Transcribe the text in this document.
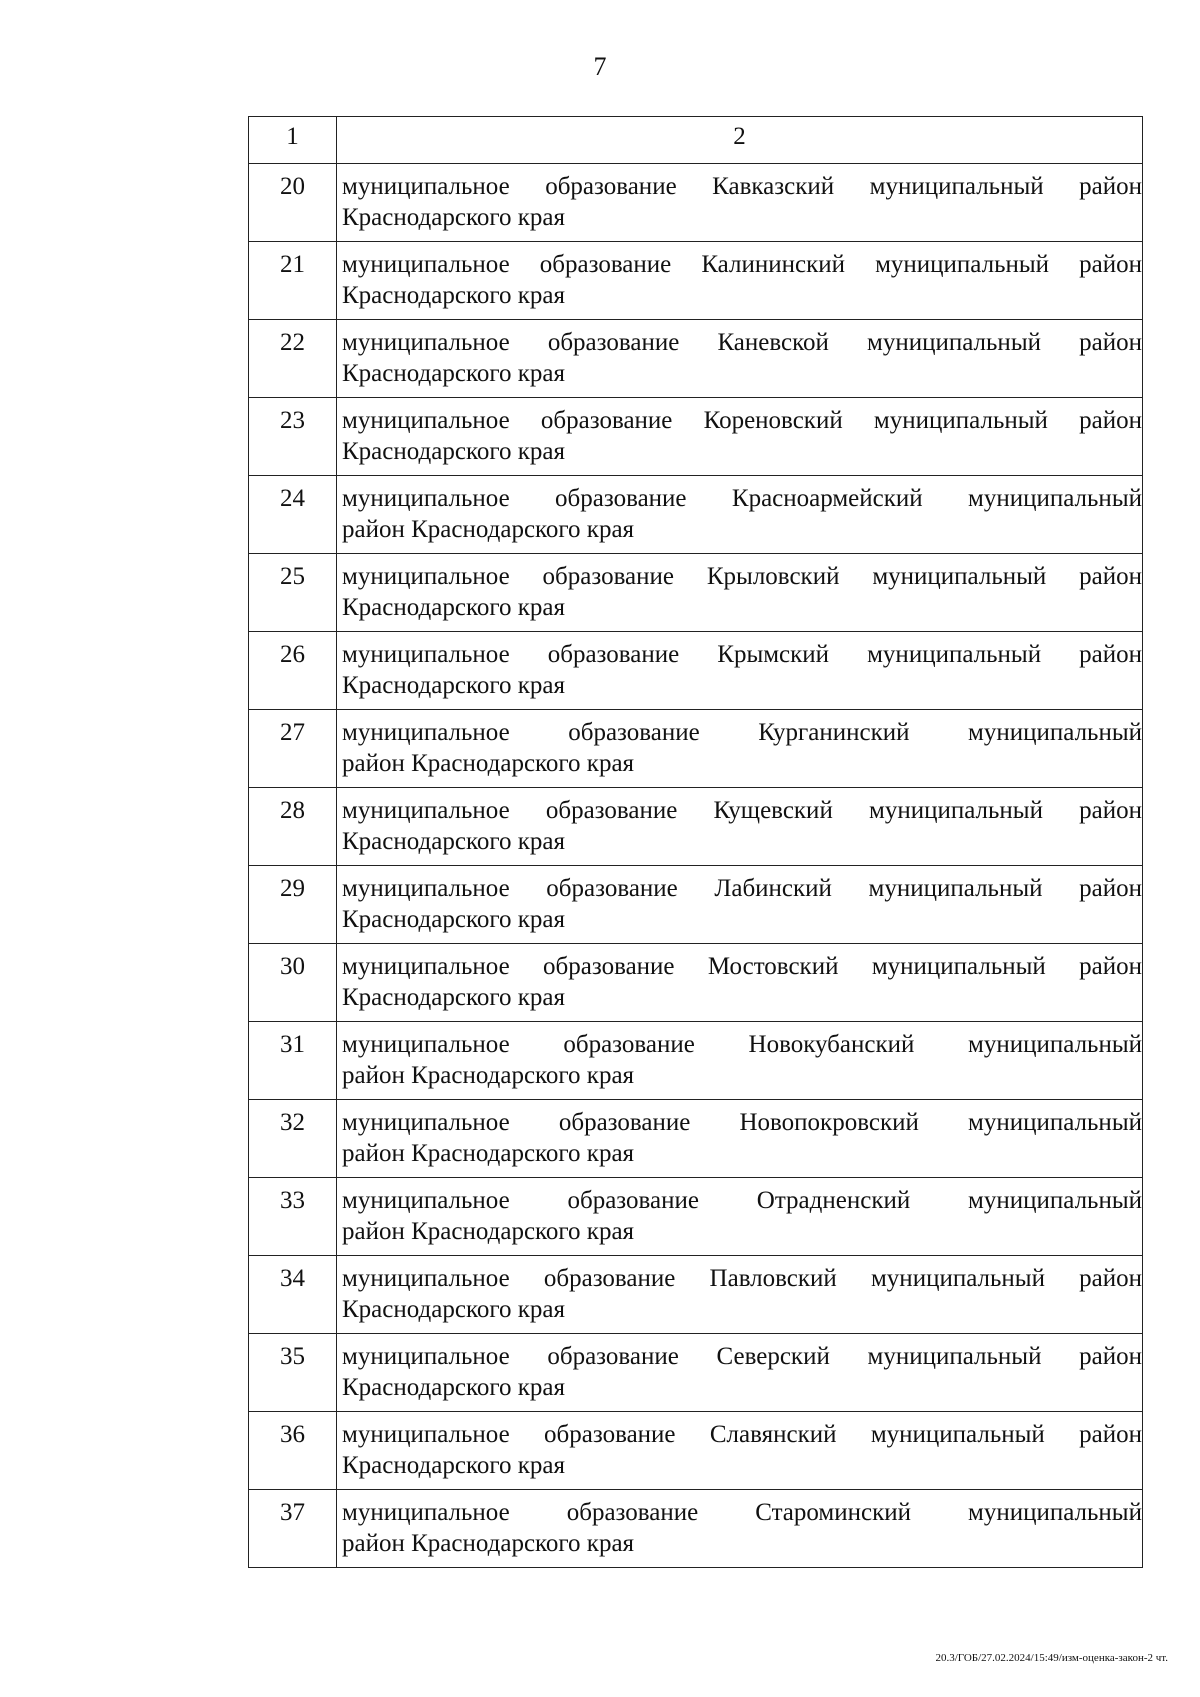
7
1	2
20	муниципальное образование Кавказский муниципальный район
Краснодарского края

21	муниципальное образование Калининский муниципальный район
Краснодарского края

22	муниципальное образование Каневской муниципальный район
Краснодарского края

23	муниципальное образование Кореновский муниципальный район
Краснодарского края

24	муниципальное образование Красноармейский муниципальный
район Краснодарского края

25	муниципальное образование Крыловский муниципальный район
Краснодарского края

26	муниципальное образование Крымский муниципальный район
Краснодарского края

27	муниципальное образование Курганинский муниципальный
район Краснодарского края

28	муниципальное образование Кущевский муниципальный район
Краснодарского края

29	муниципальное образование Лабинский муниципальный район
Краснодарского края

30	муниципальное образование Мостовский муниципальный район
Краснодарского края

31	муниципальное образование Новокубанский муниципальный
район Краснодарского края

32	муниципальное образование Новопокровский муниципальный
район Краснодарского края

33	муниципальное образование Отрадненский муниципальный
район Краснодарского края

34	муниципальное образование Павловский муниципальный район
Краснодарского края

35	муниципальное образование Северский муниципальный район
Краснодарского края

36	муниципальное образование Славянский муниципальный район
Краснодарского края

37	муниципальное образование Староминский муниципальный
район Краснодарского края
20.3/ГОБ/27.02.2024/15:49/изм-оценка-закон-2 чт.
